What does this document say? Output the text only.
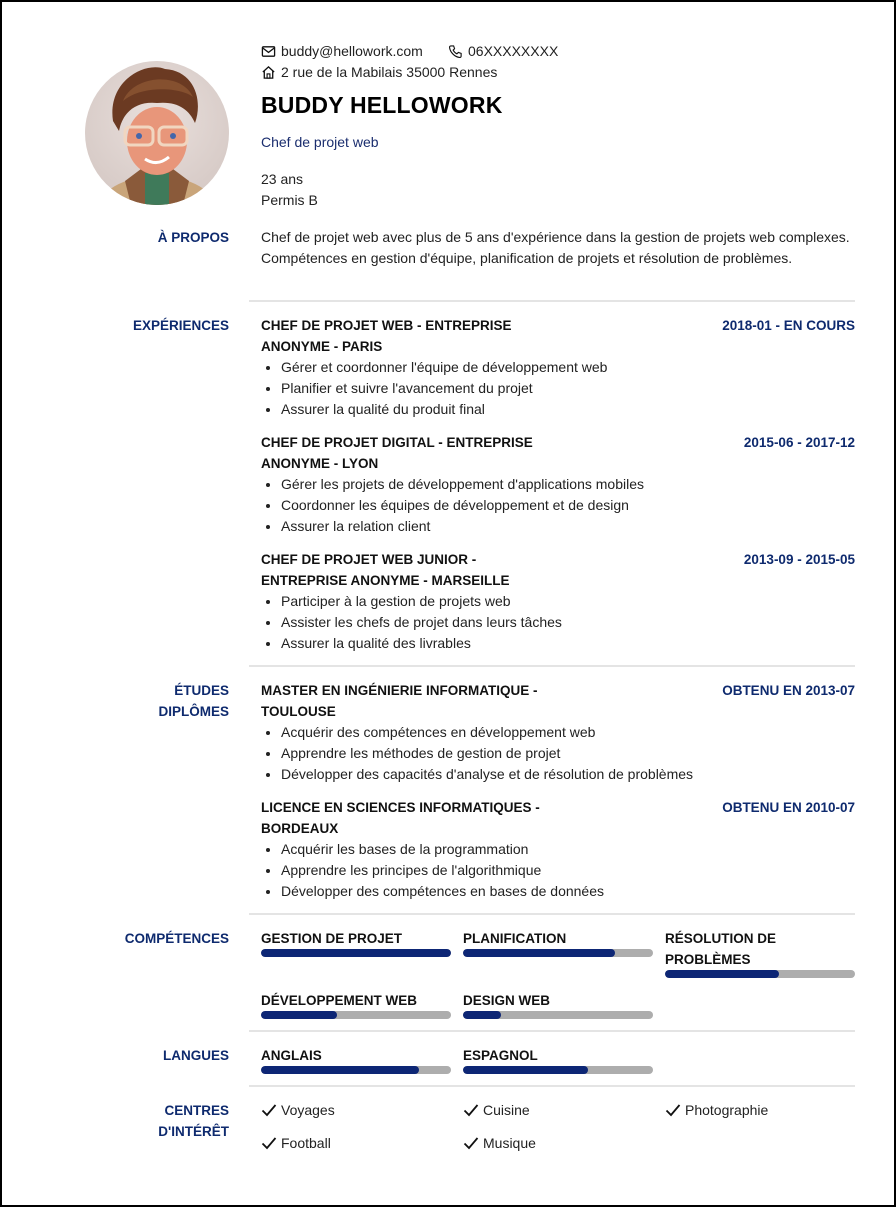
buddy@hellowork.com	06XXXXXXXX
2 rue de la Mabilais 35000 Rennes
BUDDY HELLOWORK
Chef de projet web
23 ans
Permis B
À PROPOS Chef de projet web avec plus de 5 ans d'expérience dans la gestion de projets web complexes. Compétences en gestion d'équipe, planification de projets et résolution de problèmes.
EXPÉRIENCES CHEF DE PROJET WEB - ENTREPRISE ANONYME - PARIS
2018-01 - EN COURS
• Gérer et coordonner l'équipe de développement web
• Planifier et suivre l'avancement du projet
• Assurer la qualité du produit final
CHEF DE PROJET DIGITAL - ENTREPRISE ANONYME - LYON
2015-06 - 2017-12
• Gérer les projets de développement d'applications mobiles
• Coordonner les équipes de développement et de design
• Assurer la relation client
CHEF DE PROJET WEB JUNIOR - ENTREPRISE ANONYME - MARSEILLE
2013-09 - 2015-05
• Participer à la gestion de projets web
• Assister les chefs de projet dans leurs tâches
• Assurer la qualité des livrables
ÉTUDES
DIPLÔMES
MASTER EN INGÉNIERIE INFORMATIQUE - TOULOUSE
OBTENU EN 2013-07
• Acquérir des compétences en développement web
• Apprendre les méthodes de gestion de projet
• Développer des capacités d'analyse et de résolution de problèmes
LICENCE EN SCIENCES INFORMATIQUES - BORDEAUX
OBTENU EN 2010-07
• Acquérir les bases de la programmation
• Apprendre les principes de l'algorithmique
• Développer des compétences en bases de données
COMPÉTENCES GESTION DE PROJET	PLANIFICATION	RÉSOLUTION DE PROBLÈMES
DÉVELOPPEMENT WEB	DESIGN WEB
LANGUES ANGLAIS	ESPAGNOL
CENTRES
D'INTÉRÊT
Voyages	Cuisine	Photographie
Football	Musique
